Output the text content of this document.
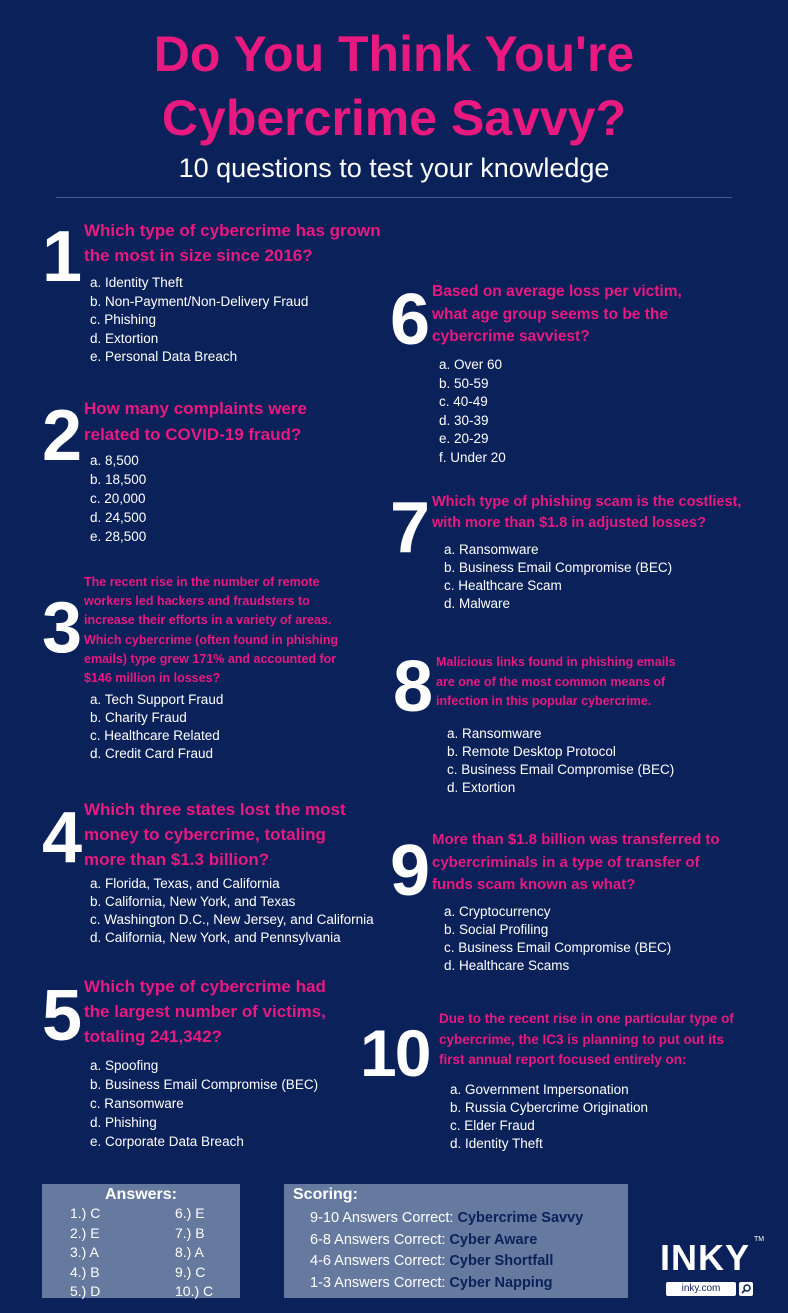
Do You Think You're
Cybercrime Savvy?
10 questions to test your knowledge
1 Which type of cybercrime has grown the most in size since 2016?
a. Identity Theft
b. Non-Payment/Non-Delivery Fraud
c. Phishing
d. Extortion
e. Personal Data Breach
2 How many complaints were related to COVID-19 fraud?
a. 8,500
b. 18,500
c. 20,000
d. 24,500
e. 28,500
3
The recent rise in the number of remote workers led hackers and fraudsters to increase their efforts in a variety of areas. Which cybercrime (often found in phishing emails) type grew 171% and accounted for $146 million in losses?
a. Tech Support Fraud
b. Charity Fraud
c. Healthcare Related
d. Credit Card Fraud
4 Which three states lost the most money to cybercrime, totaling more than $1.3 billion?
a. Florida, Texas, and California
b. California, New York, and Texas
c. Washington D.C., New Jersey, and California
d. California, New York, and Pennsylvania
5 Which type of cybercrime had the largest number of victims, totaling 241,342?
a. Spoofing
b. Business Email Compromise (BEC)
c. Ransomware
d. Phishing
e. Corporate Data Breach
6 Based on average loss per victim, what age group seems to be the cybercrime savviest?
a. Over 60
b. 50-59
c. 40-49
d. 30-39
e. 20-29
f. Under 20
7 Which type of phishing scam is the costliest, with more than $1.8 in adjusted losses?
a. Ransomware
b. Business Email Compromise (BEC)
c. Healthcare Scam
d. Malware
8 Malicious links found in phishing emails are one of the most common means of infection in this popular cybercrime.
a. Ransomware
b. Remote Desktop Protocol
c. Business Email Compromise (BEC)
d. Extortion
9 More than $1.8 billion was transferred to cybercriminals in a type of transfer of funds scam known as what?
a. Cryptocurrency
b. Social Profiling
c. Business Email Compromise (BEC)
d. Healthcare Scams
10 Due to the recent rise in one particular type of cybercrime, the IC3 is planning to put out its first annual report focused entirely on:
a. Government Impersonation
b. Russia Cybercrime Origination
c. Elder Fraud
d. Identity Theft
Answers:
1.) C
2.) E
3.) A
4.) B
5.) D
6.) E
7.) B
8.) A
9.) C
10.) C
Scoring:
9-10 Answers Correct: Cybercrime Savvy
6-8 Answers Correct: Cyber Aware
4-6 Answers Correct: Cyber Shortfall
1-3 Answers Correct: Cyber Napping
INKY TM
inky.com
